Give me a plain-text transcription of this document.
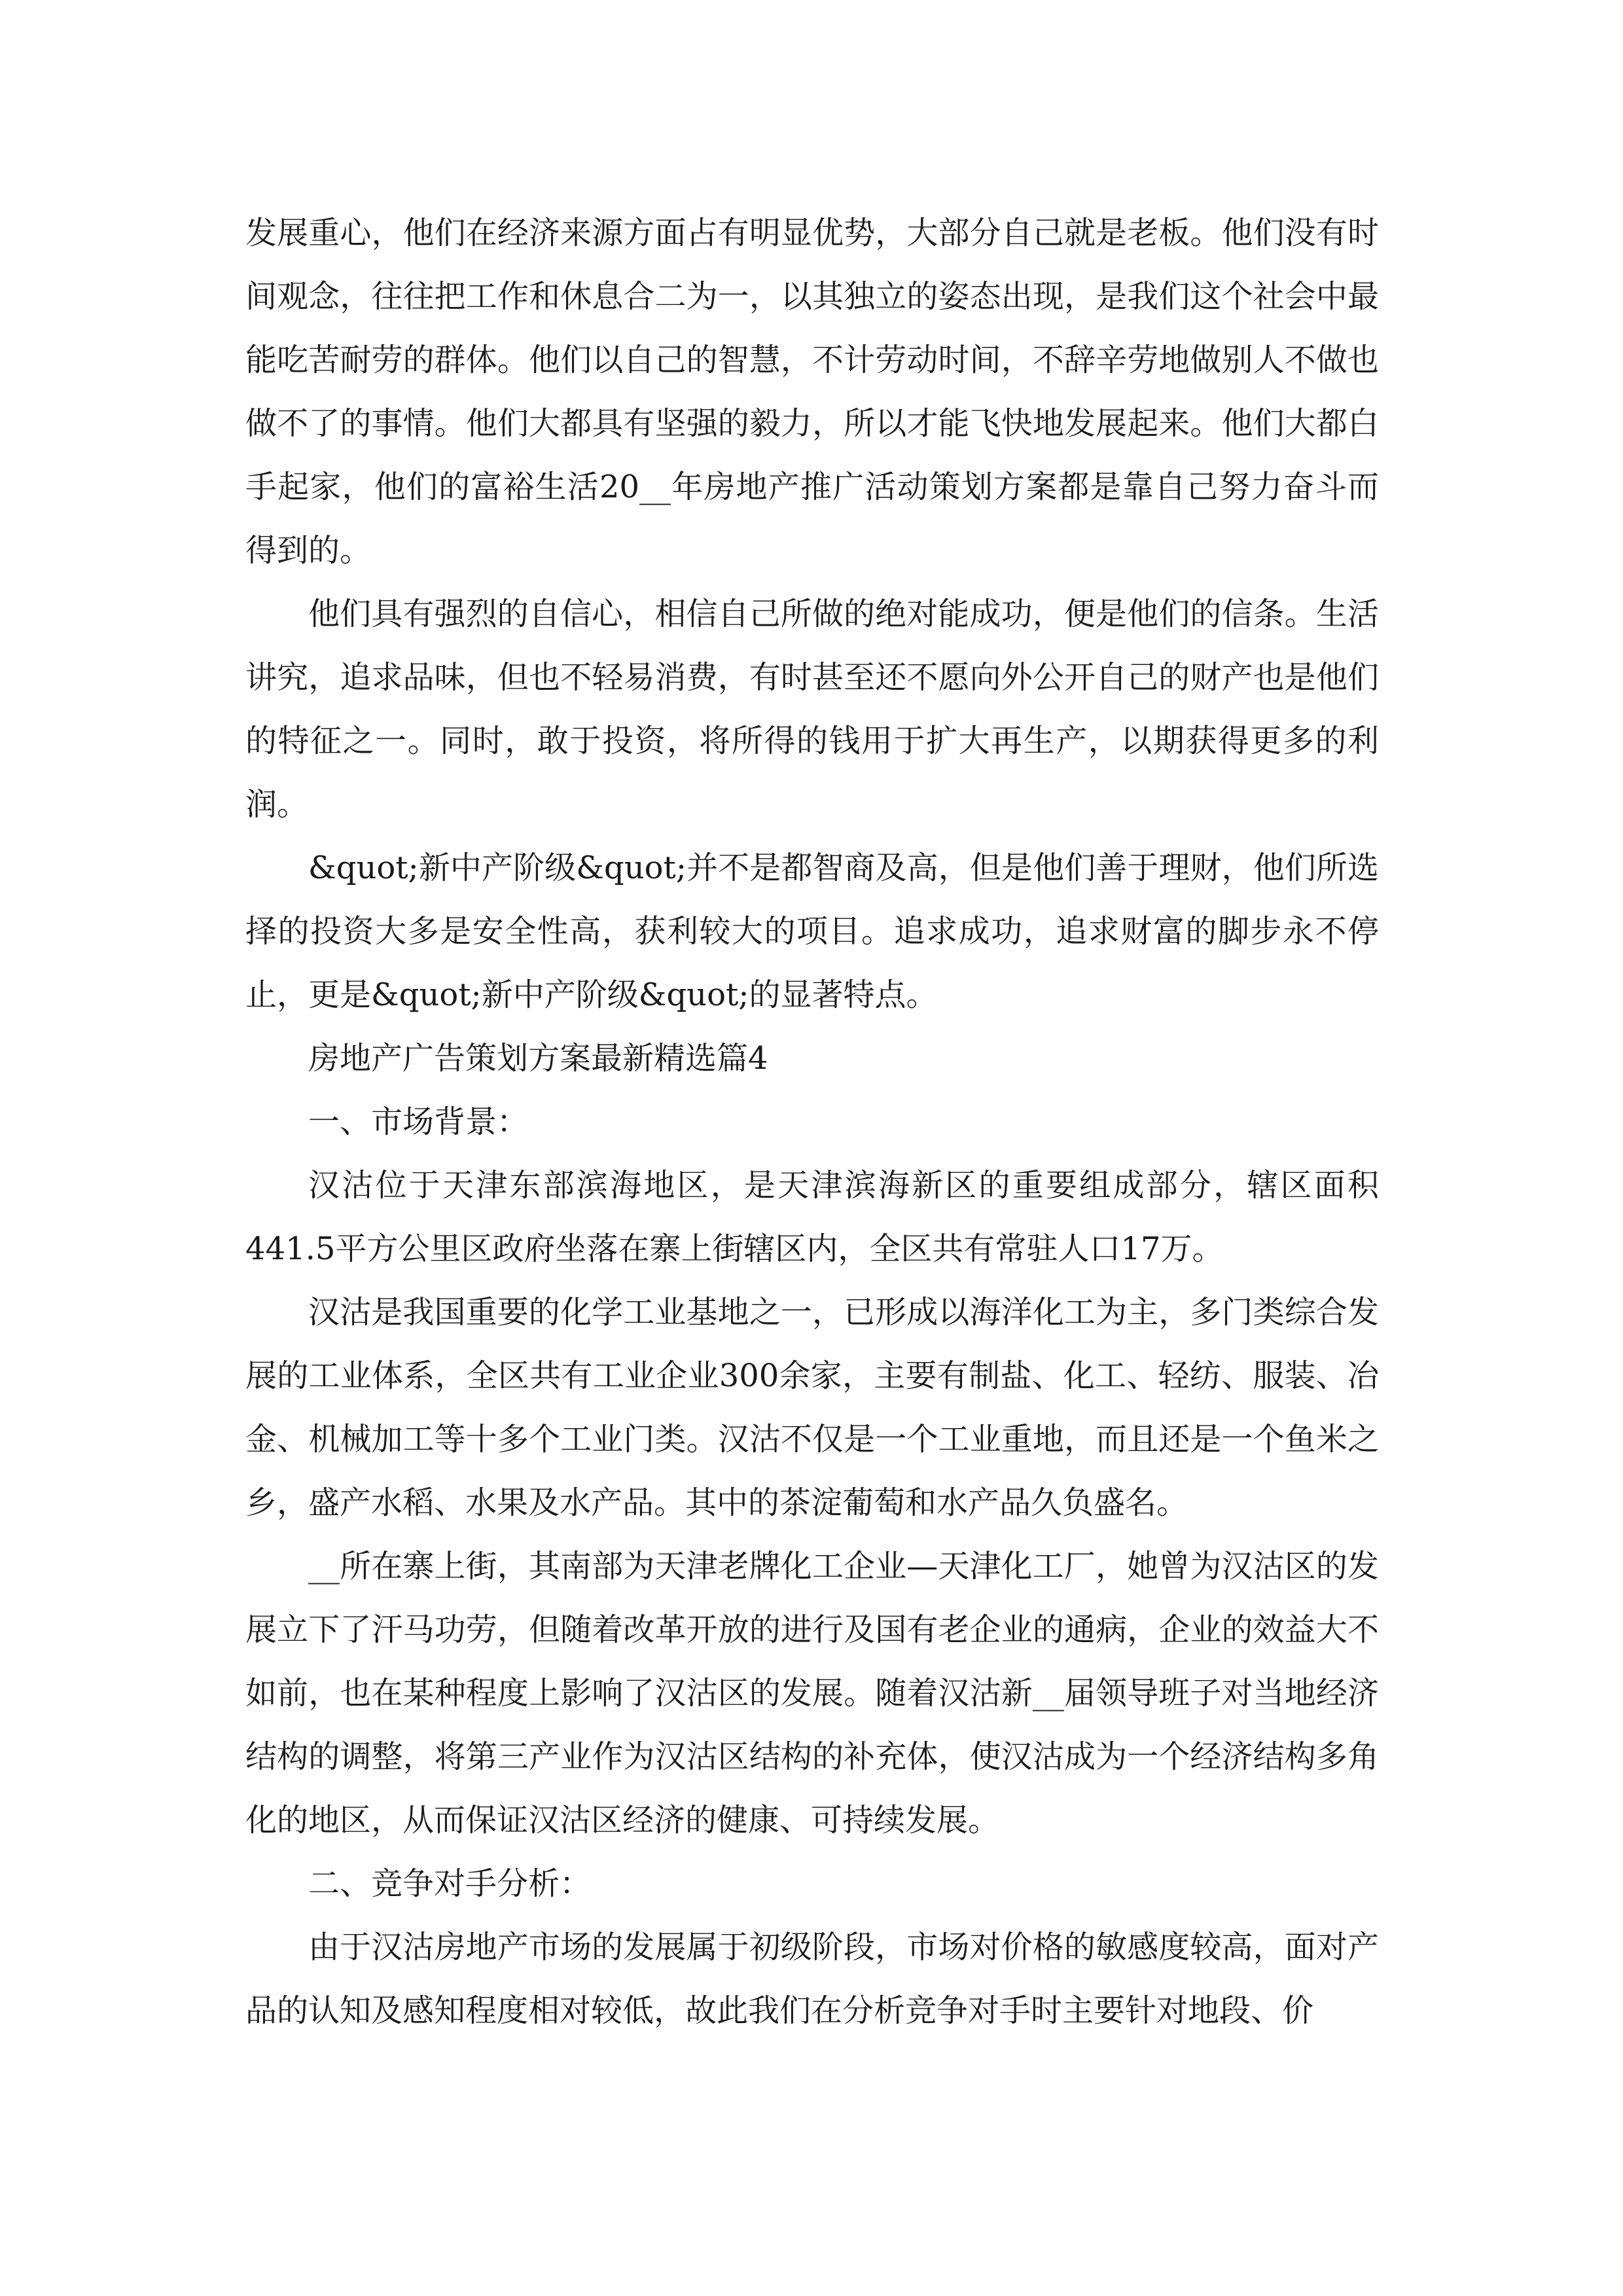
发展重心，他们在经济来源方面占有明显优势，大部分自己就是老板。他们没有时间观念，往往把工作和休息合二为一，以其独立的姿态出现，是我们这个社会中最能吃苦耐劳的群体。他们以自己的智慧，不计劳动时间，不辞辛劳地做别人不做也做不了的事情。他们大都具有坚强的毅力，所以才能飞快地发展起来。他们大都白手起家，他们的富裕生活20__年房地产推广活动策划方案都是靠自己努力奋斗而得到的。

他们具有强烈的自信心，相信自己所做的绝对能成功，便是他们的信条。生活讲究，追求品味，但也不轻易消费，有时甚至还不愿向外公开自己的财产也是他们的特征之一。同时，敢于投资，将所得的钱用于扩大再生产，以期获得更多的利润。

&quot;新中产阶级&quot;并不是都智商及高，但是他们善于理财，他们所选择的投资大多是安全性高，获利较大的项目。追求成功，追求财富的脚步永不停止，更是&quot;新中产阶级&quot;的显著特点。

房地产广告策划方案最新精选篇4

一、市场背景：

汉沽位于天津东部滨海地区，是天津滨海新区的重要组成部分，辖区面积441.5平方公里区政府坐落在寨上街辖区内，全区共有常驻人口17万。

汉沽是我国重要的化学工业基地之一，已形成以海洋化工为主，多门类综合发展的工业体系，全区共有工业企业300余家，主要有制盐、化工、轻纺、服装、冶金、机械加工等十多个工业门类。汉沽不仅是一个工业重地，而且还是一个鱼米之乡，盛产水稻、水果及水产品。其中的茶淀葡萄和水产品久负盛名。

__所在寨上街，其南部为天津老牌化工企业—天津化工厂，她曾为汉沽区的发展立下了汗马功劳，但随着改革开放的进行及国有老企业的通病，企业的效益大不如前，也在某种程度上影响了汉沽区的发展。随着汉沽新__届领导班子对当地经济结构的调整，将第三产业作为汉沽区结构的补充体，使汉沽成为一个经济结构多角化的地区，从而保证汉沽区经济的健康、可持续发展。

二、竞争对手分析：

由于汉沽房地产市场的发展属于初级阶段，市场对价格的敏感度较高，面对产品的认知及感知程度相对较低，故此我们在分析竞争对手时主要针对地段、价
